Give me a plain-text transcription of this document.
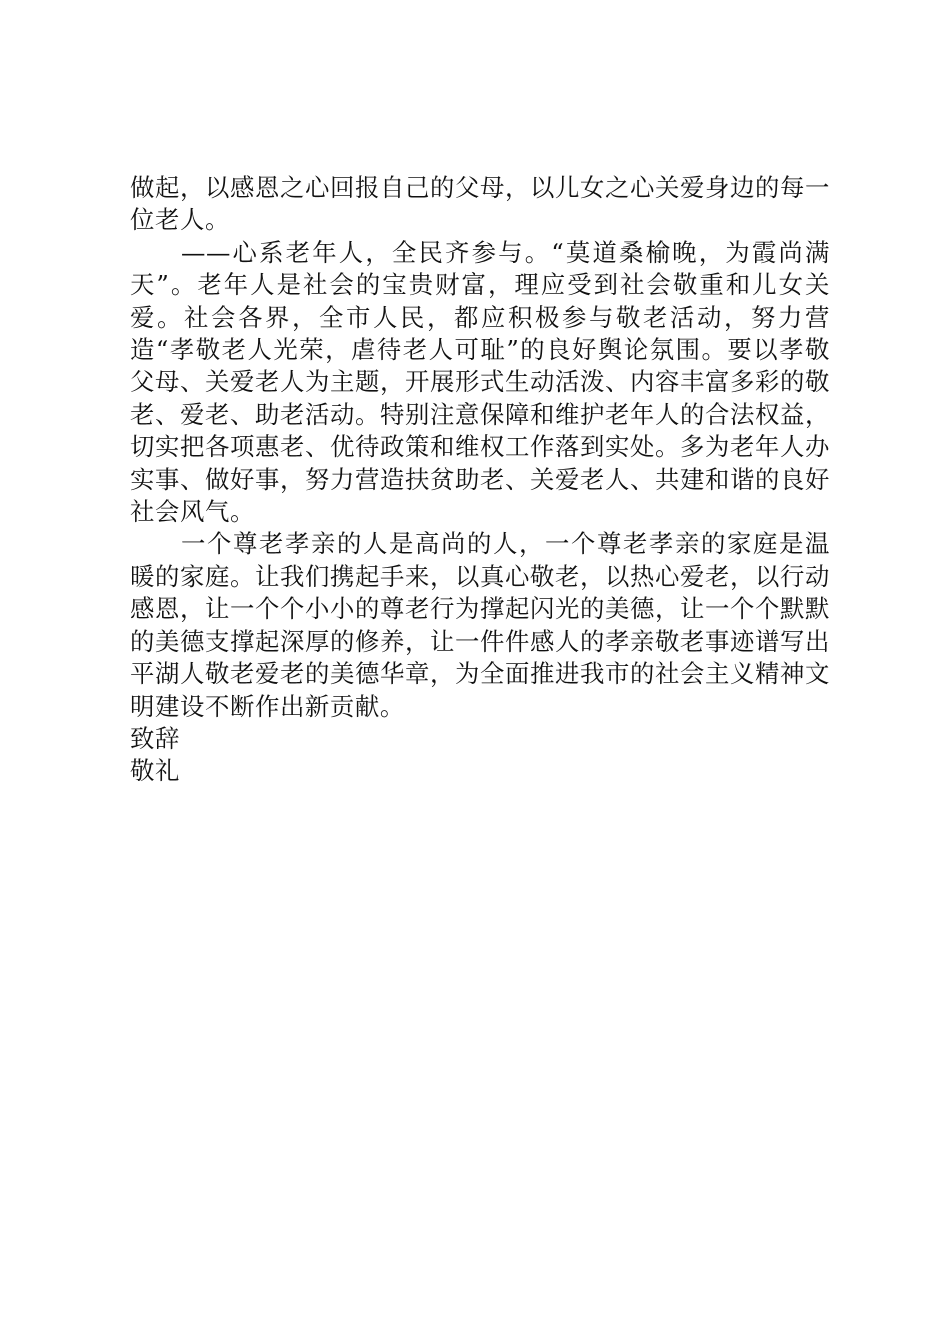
做起，以感恩之心回报自己的父母，以儿女之心关爱身边的每一位老人。

——心系老年人，全民齐参与。“莫道桑榆晚，为霞尚满天”。老年人是社会的宝贵财富，理应受到社会敬重和儿女关爱。社会各界，全市人民，都应积极参与敬老活动，努力营造“孝敬老人光荣，虐待老人可耻”的良好舆论氛围。要以孝敬父母、关爱老人为主题，开展形式生动活泼、内容丰富多彩的敬老、爱老、助老活动。特别注意保障和维护老年人的合法权益，切实把各项惠老、优待政策和维权工作落到实处。多为老年人办实事、做好事，努力营造扶贫助老、关爱老人、共建和谐的良好社会风气。

一个尊老孝亲的人是高尚的人，一个尊老孝亲的家庭是温暖的家庭。让我们携起手来，以真心敬老，以热心爱老，以行动感恩，让一个个小小的尊老行为撑起闪光的美德，让一个个默默的美德支撑起深厚的修养，让一件件感人的孝亲敬老事迹谱写出平湖人敬老爱老的美德华章，为全面推进我市的社会主义精神文明建设不断作出新贡献。

致辞

敬礼
